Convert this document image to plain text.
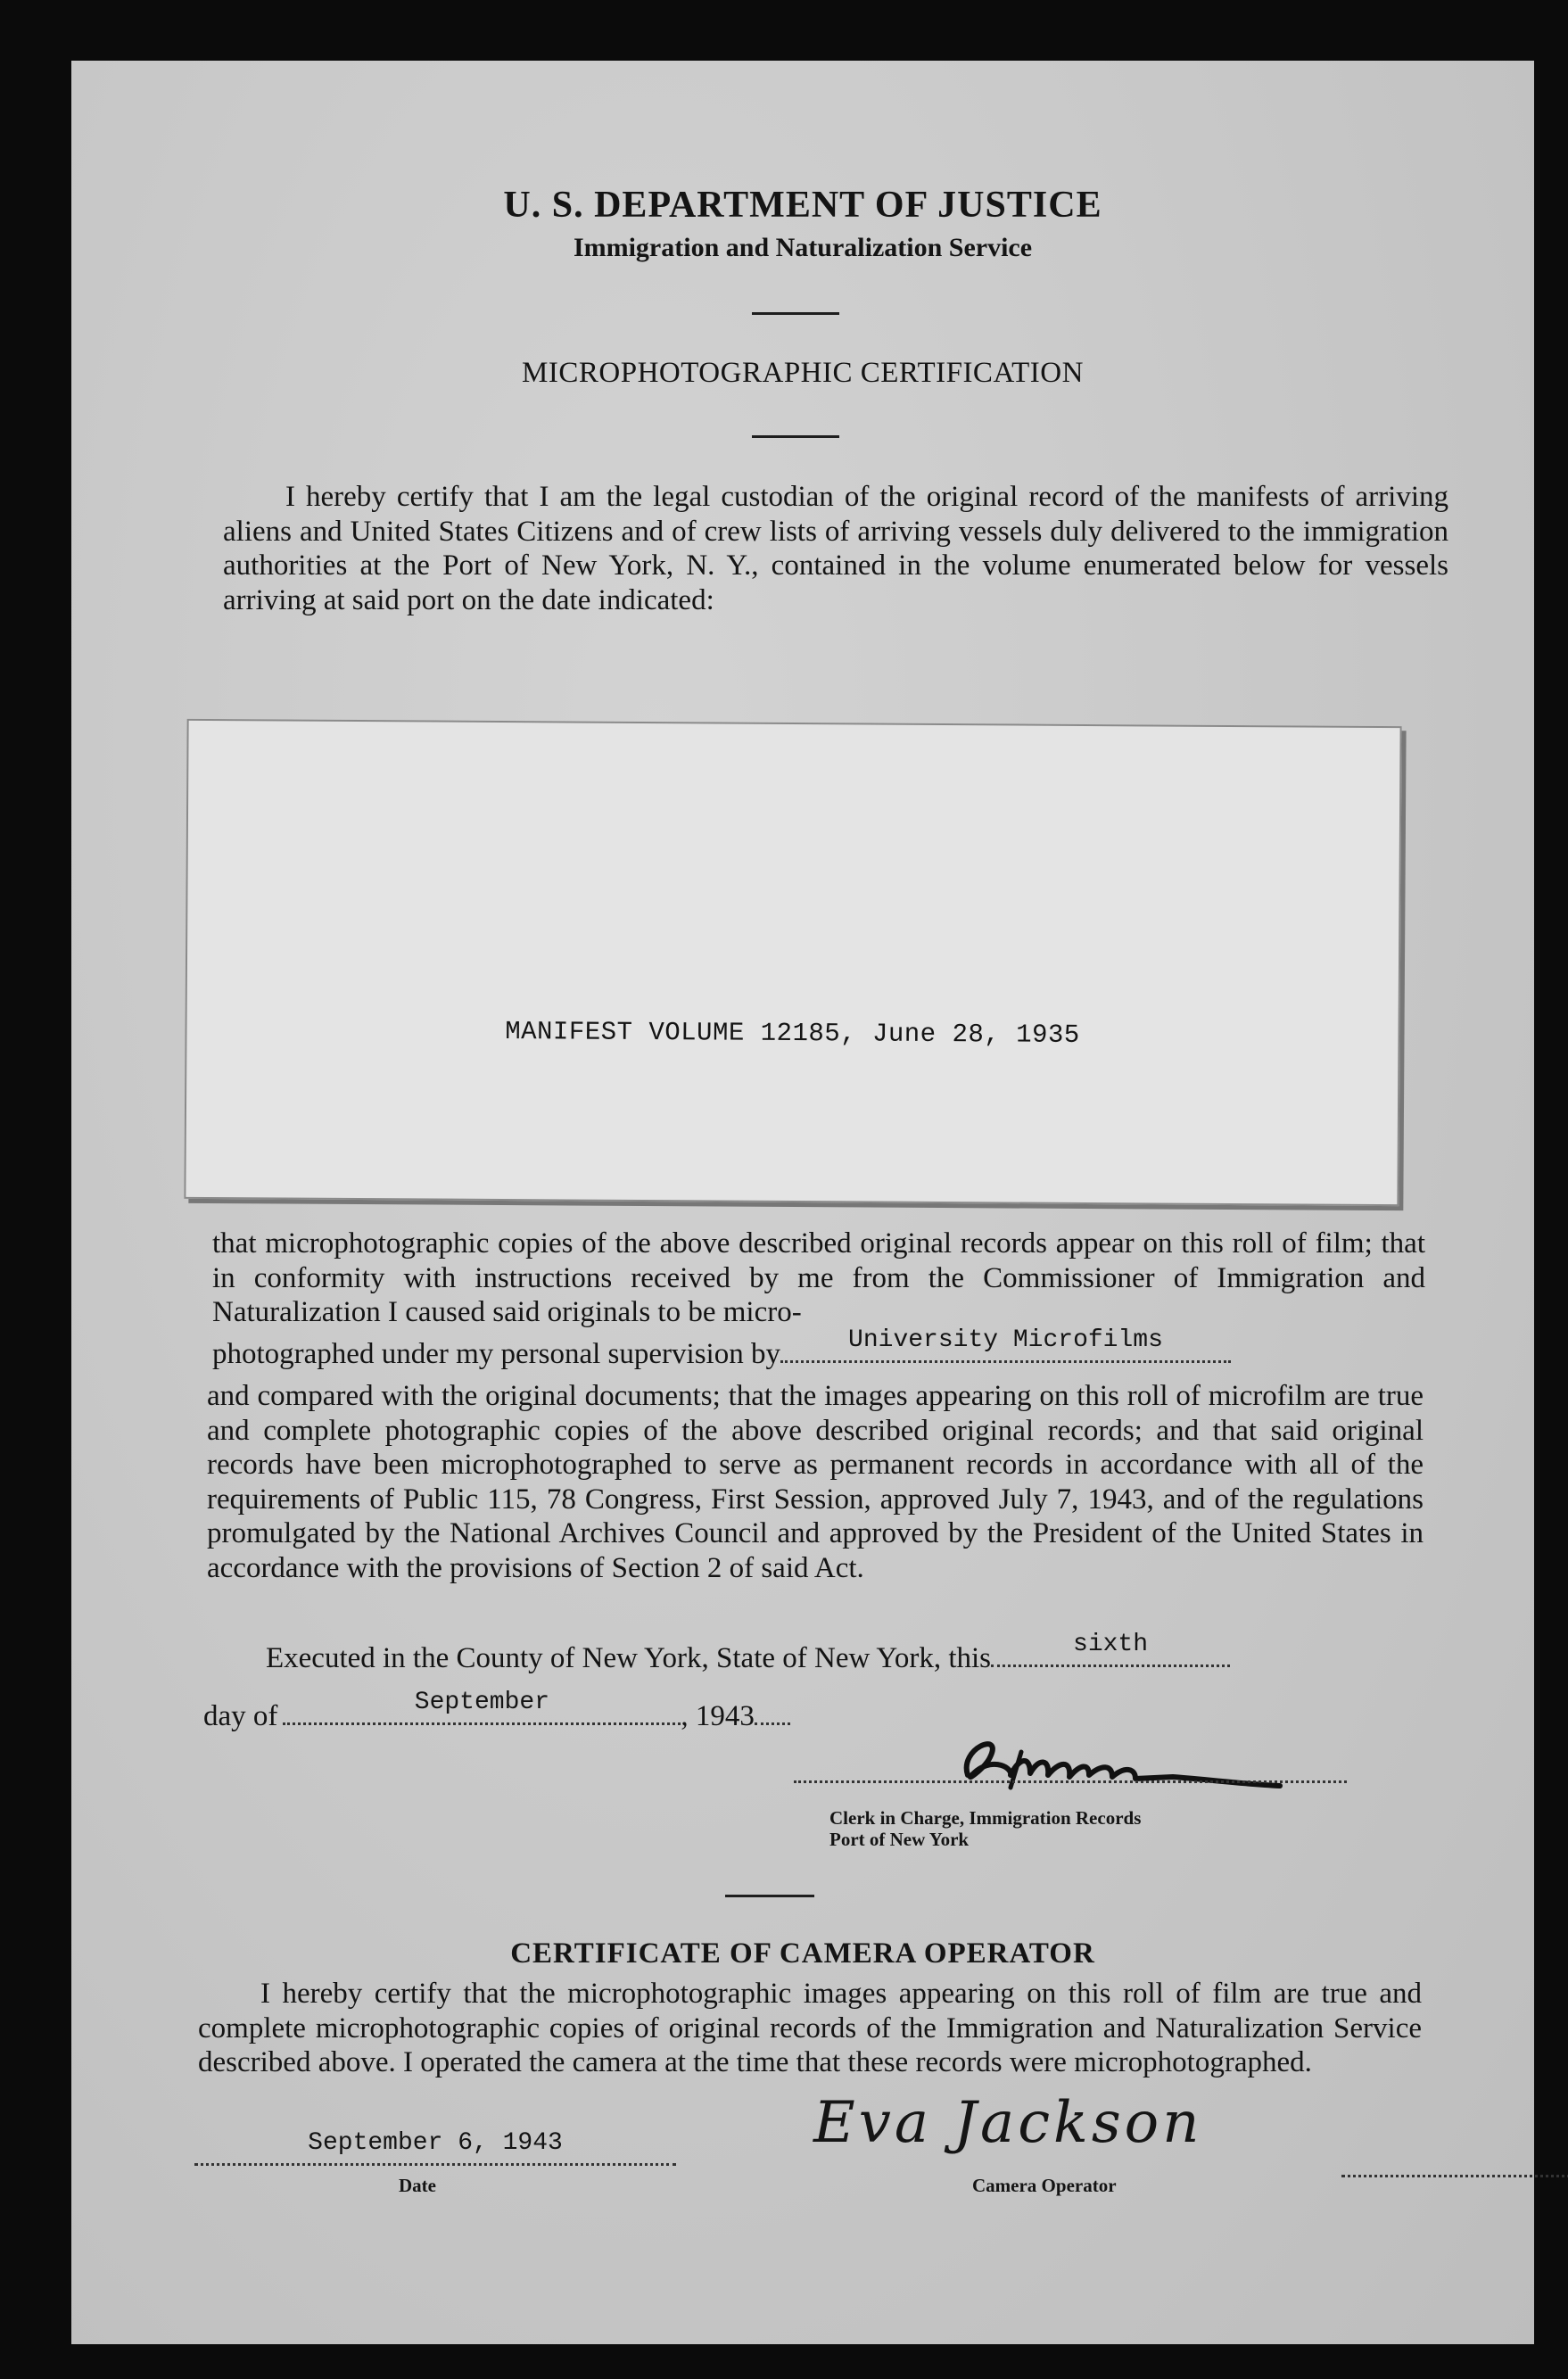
U. S. DEPARTMENT OF JUSTICE
Immigration and Naturalization Service
MICROPHOTOGRAPHIC CERTIFICATION
I hereby certify that I am the legal custodian of the original record of the manifests of arriving aliens and United States Citizens and of crew lists of arriving vessels duly delivered to the immigration authorities at the Port of New York, N. Y., contained in the volume enumerated below for vessels arriving at said port on the date indicated:
MANIFEST VOLUME 12185, June 28, 1935
that microphotographic copies of the above described original records appear on this roll of film; that in conformity with instructions received by me from the Commissioner of Immigration and Naturalization I caused said originals to be micro-
photographed under my personal supervision by	University Microfilms
and compared with the original documents; that the images appearing on this roll of microfilm are true and complete photographic copies of the above described original records; and that said original records have been microphotographed to serve as permanent records in accordance with all of the requirements of Public 115, 78 Congress, First Session, approved July 7, 1943, and of the regulations promulgated by the National Archives Council and approved by the President of the United States in accordance with the provisions of Section 2 of said Act.
Executed in the County of New York, State of New York, this	sixth
day of	September	, 1943

Clerk in Charge, Immigration Records
Port of New York
CERTIFICATE OF CAMERA OPERATOR
I hereby certify that the microphotographic images appearing on this roll of film are true and complete microphotographic copies of original records of the Immigration and Naturalization Service described above. I operated the camera at the time that these records were microphotographed.
September 6, 1943
Date
Eva Jackson
Camera Operator
